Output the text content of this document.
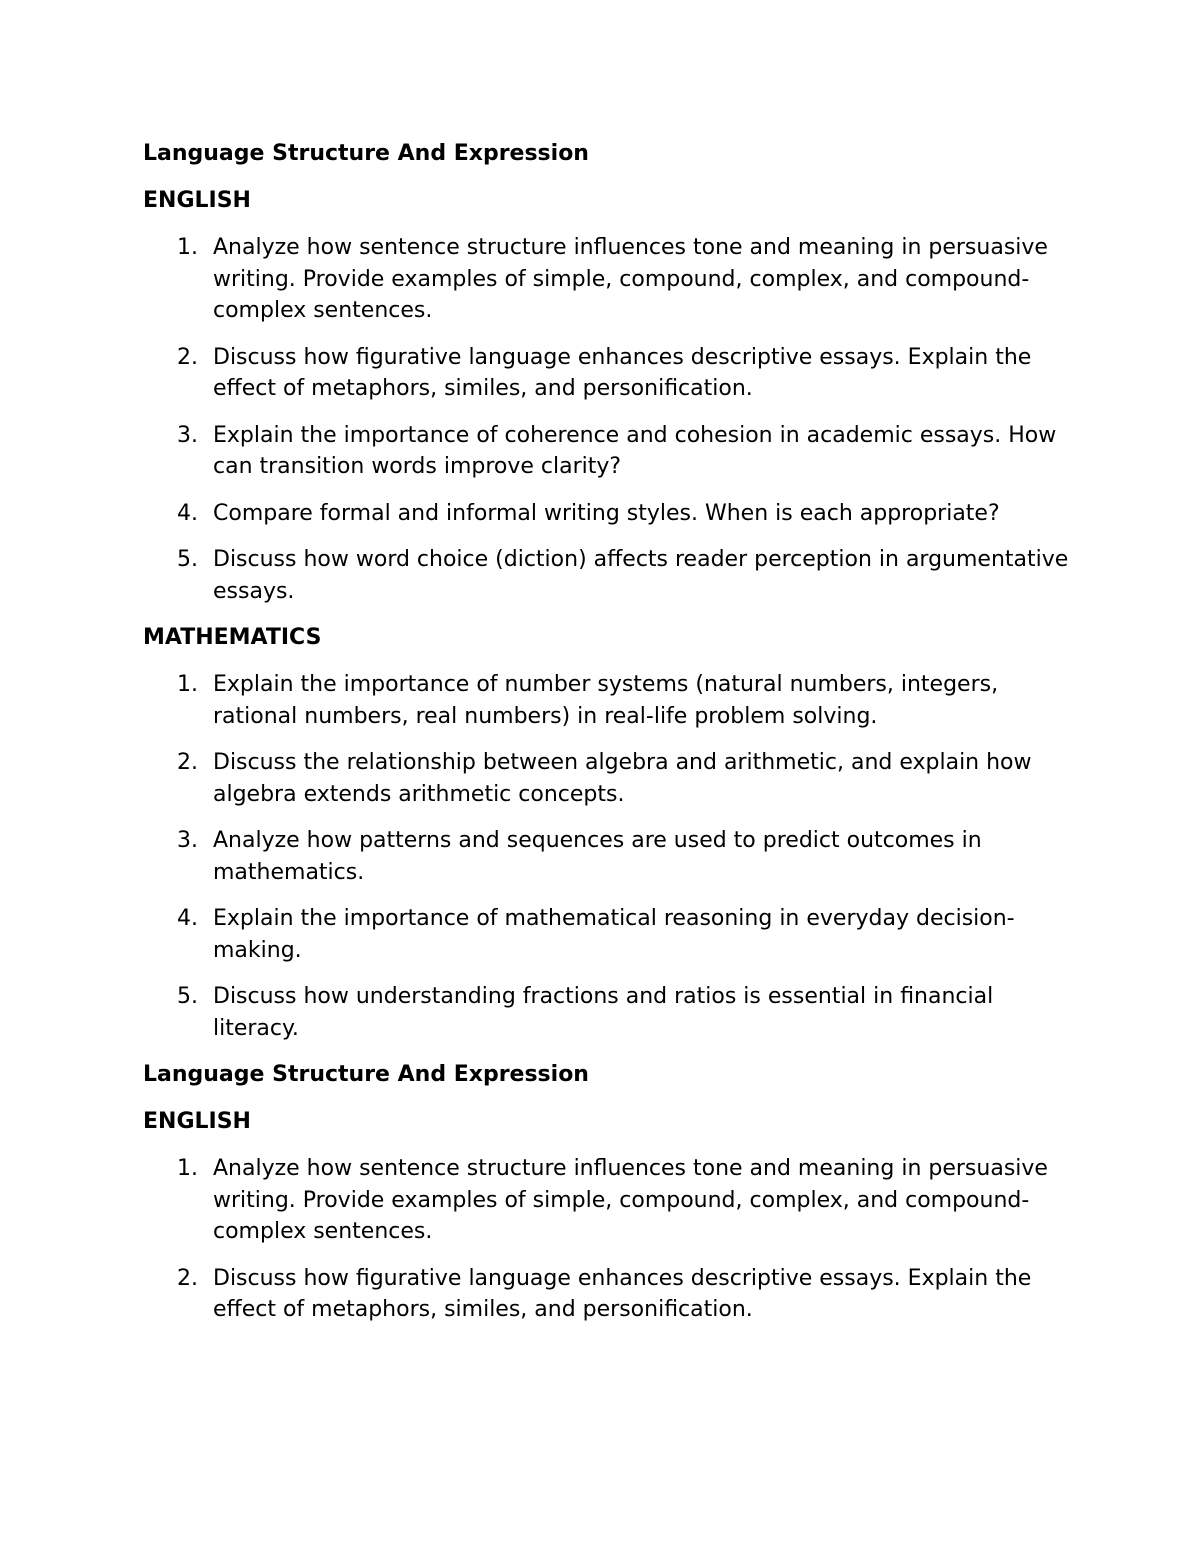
Language Structure And Expression
ENGLISH
1. Analyze how sentence structure influences tone and meaning in persuasive writing. Provide examples of simple, compound, complex, and compound-complex sentences.
2. Discuss how figurative language enhances descriptive essays. Explain the effect of metaphors, similes, and personification.
3. Explain the importance of coherence and cohesion in academic essays. How can transition words improve clarity?
4. Compare formal and informal writing styles. When is each appropriate?
5. Discuss how word choice (diction) affects reader perception in argumentative essays.
MATHEMATICS
1. Explain the importance of number systems (natural numbers, integers, rational numbers, real numbers) in real-life problem solving.
2. Discuss the relationship between algebra and arithmetic, and explain how algebra extends arithmetic concepts.
3. Analyze how patterns and sequences are used to predict outcomes in mathematics.
4. Explain the importance of mathematical reasoning in everyday decision-making.
5. Discuss how understanding fractions and ratios is essential in financial literacy.
Language Structure And Expression
ENGLISH
1. Analyze how sentence structure influences tone and meaning in persuasive writing. Provide examples of simple, compound, complex, and compound-complex sentences.
2. Discuss how figurative language enhances descriptive essays. Explain the effect of metaphors, similes, and personification.
